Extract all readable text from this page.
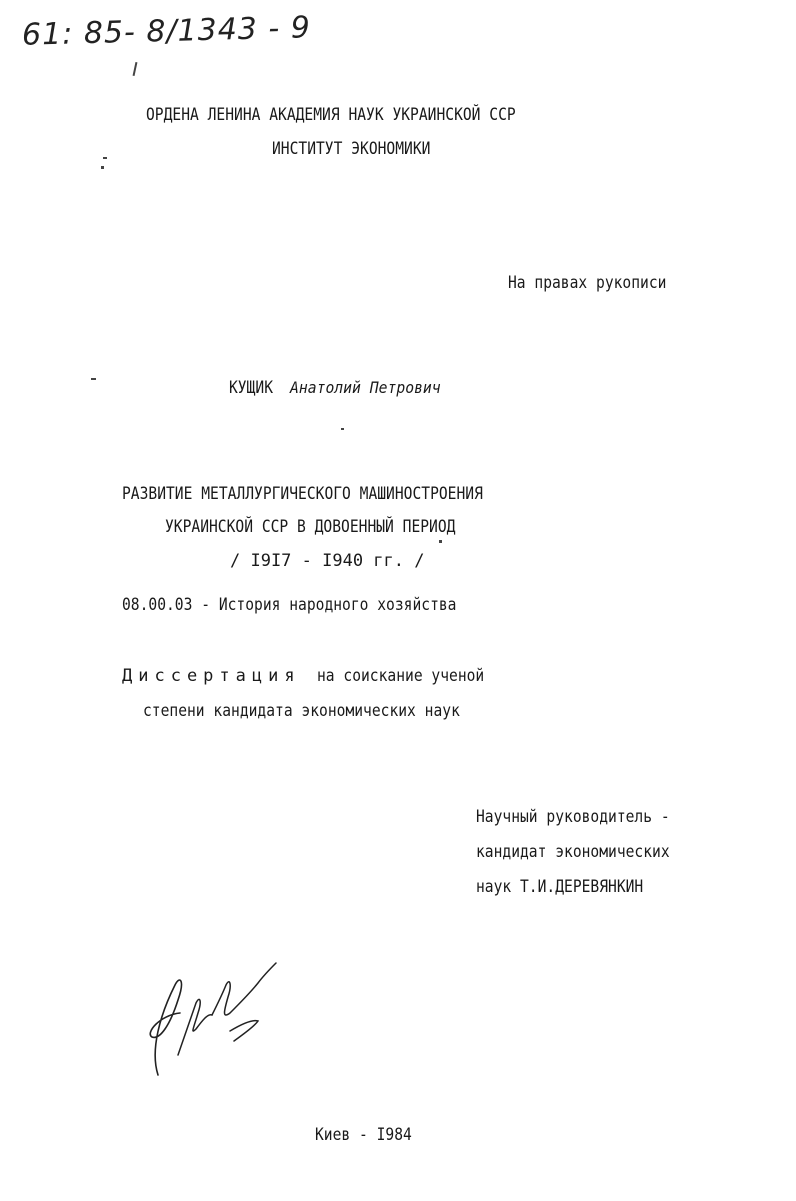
61: 85- 8/1343 - 9
ОРДЕНА ЛЕНИНА АКАДЕМИЯ НАУК УКРАИНСКОЙ ССР
ИНСТИТУТ ЭКОНОМИКИ
На правах рукописи
КУЩИК Анатолий Петрович
РАЗВИТИЕ МЕТАЛЛУРГИЧЕСКОГО МАШИНОСТРОЕНИЯ
УКРАИНСКОЙ ССР В ДОВОЕННЫЙ ПЕРИОД
/ I9I7 - I940 гг. /
08.00.03 - История народного хозяйства
Диссертация на соискание ученой
степени кандидата экономических наук
Научный руководитель -
кандидат экономических
наук Т.И.ДЕРЕВЯНКИН
Киев - I984
